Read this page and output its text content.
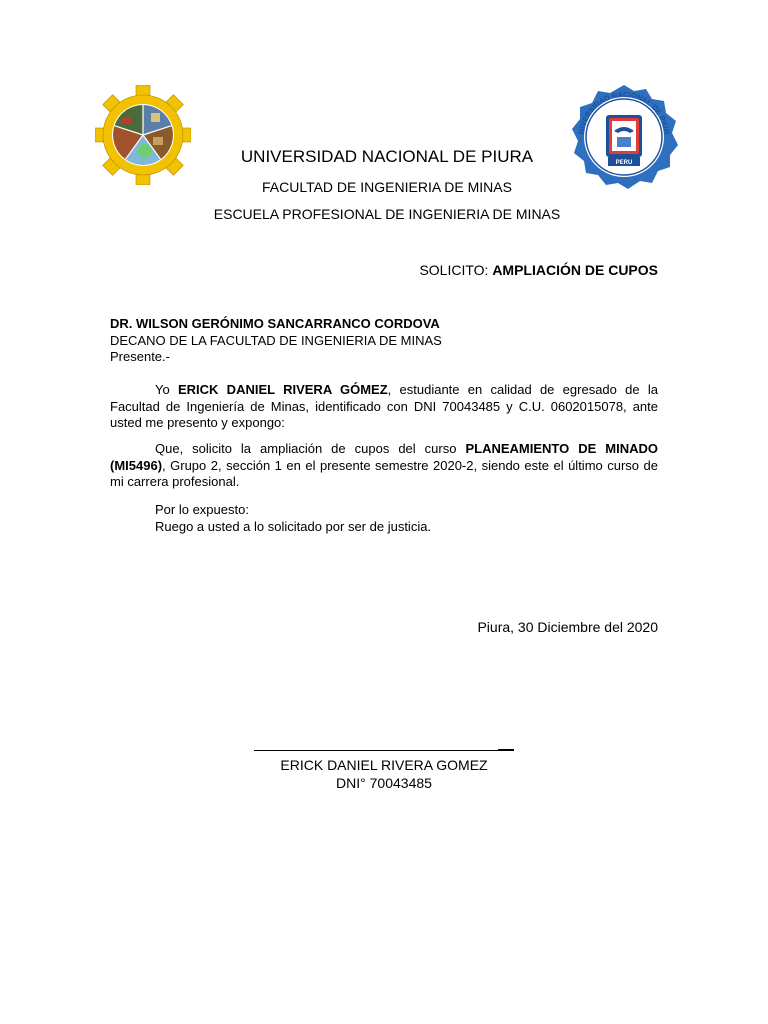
NIVERSIDAD NACIONAL DE PIUR
PERU
UNIVERSIDAD NACIONAL DE PIURA
FACULTAD DE INGENIERIA DE MINAS
ESCUELA PROFESIONAL DE INGENIERIA DE MINAS
SOLICITO: AMPLIACIÓN DE CUPOS
DR. WILSON GERÓNIMO SANCARRANCO CORDOVA
DECANO DE LA FACULTAD DE INGENIERIA DE MINAS
Presente.-
Yo ERICK DANIEL RIVERA GÓMEZ, estudiante en calidad de egresado de la Facultad de Ingeniería de Minas, identificado con DNI 70043485 y C.U. 0602015078, ante usted me presento y expongo:
Que, solicito la ampliación de cupos del curso PLANEAMIENTO DE MINADO (MI5496), Grupo 2, sección 1 en el presente semestre 2020-2, siendo este el último curso de mi carrera profesional.
Por lo expuesto:
Ruego a usted a lo solicitado por ser de justicia.
Piura, 30 Diciembre del 2020
ERICK DANIEL RIVERA GOMEZ
DNI° 70043485
